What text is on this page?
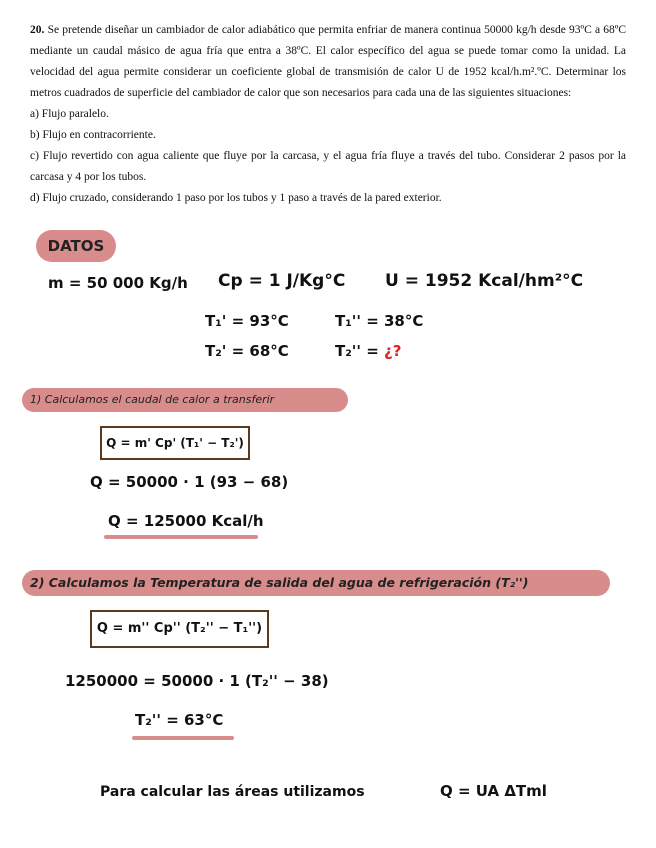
20. Se pretende diseñar un cambiador de calor adiabático que permita enfriar de manera continua 50000 kg/h desde 93ºC a 68ºC mediante un caudal másico de agua fría que entra a 38ºC. El calor específico del agua se puede tomar como la unidad. La velocidad del agua permite considerar un coeficiente global de transmisión de calor U de 1952 kcal/h.m².ºC. Determinar los metros cuadrados de superficie del cambiador de calor que son necesarios para cada una de las siguientes situaciones:

a) Flujo paralelo.

b) Flujo en contracorriente.

c) Flujo revertido con agua caliente que fluye por la carcasa, y el agua fría fluye a través del tubo. Considerar 2 pasos por la carcasa y 4 por los tubos.

d) Flujo cruzado, considerando 1 paso por los tubos y 1 paso a través de la pared exterior.

DATOS
m = 50 000 Kg/h Cp = 1 J/Kg°C U = 1952 Kcal/hm²°C
T₁' = 93°C	T₁'' = 38°C
T₂' = 68°C	T₂'' = ¿?
1) Calculamos el caudal de calor a transferir
Q = m' Cp' (T₁' − T₂')
Q = 50000 · 1 (93 − 68)
Q = 125000 Kcal/h
2) Calculamos la Temperatura de salida del agua de refrigeración (T₂'')
Q = m'' Cp'' (T₂'' − T₁'')
1250000 = 50000 · 1 (T₂'' − 38)
T₂'' = 63°C
Para calcular las áreas utilizamos	Q = UA ΔTml
